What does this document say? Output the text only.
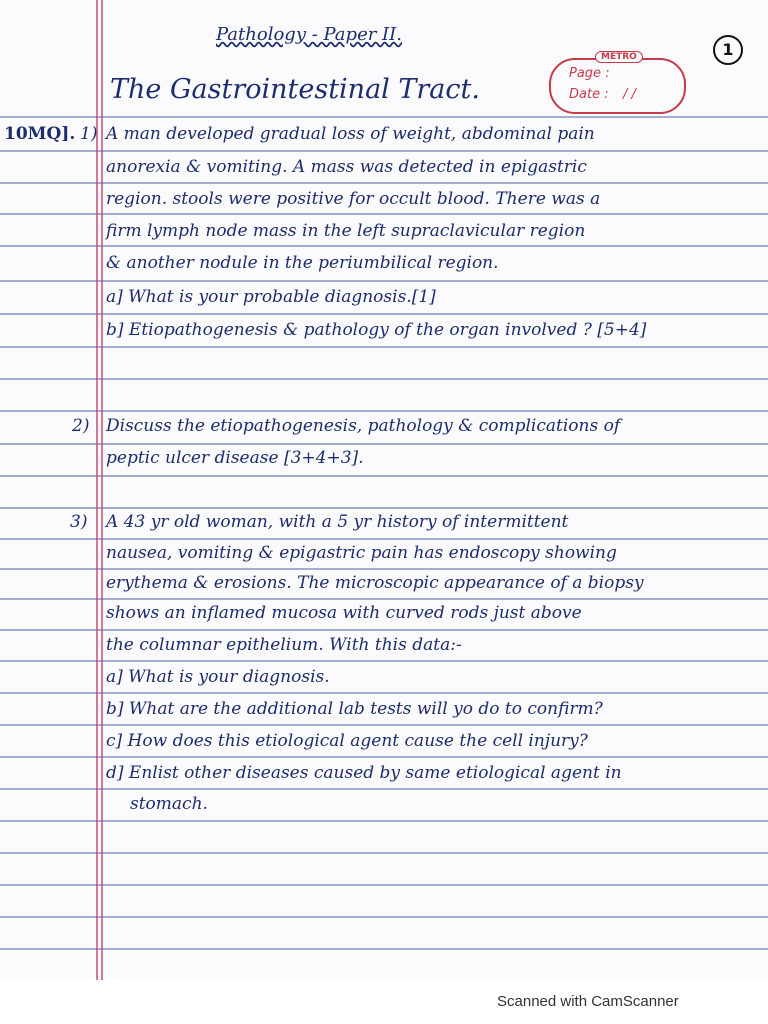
Pathology - Paper II.
1
The Gastrointestinal Tract.
METRO
Page :
Date : / /
10MQ]. 1) A man developed gradual loss of weight, abdominal pain
anorexia & vomiting. A mass was detected in epigastric
region. stools were positive for occult blood. There was a
firm lymph node mass in the left supraclavicular region
& another nodule in the periumbilical region.
a] What is your probable diagnosis.[1]
b] Etiopathogenesis & pathology of the organ involved ? [5+4]
2) Discuss the etiopathogenesis, pathology & complications of
peptic ulcer disease [3+4+3].
3) A 43 yr old woman, with a 5 yr history of intermittent
nausea, vomiting & epigastric pain has endoscopy showing
erythema & erosions. The microscopic appearance of a biopsy
shows an inflamed mucosa with curved rods just above
the columnar epithelium. With this data:-
a] What is your diagnosis.
b] What are the additional lab tests will yo do to confirm?
c] How does this etiological agent cause the cell injury?
d] Enlist other diseases caused by same etiological agent in
stomach.
Scanned with CamScanner
